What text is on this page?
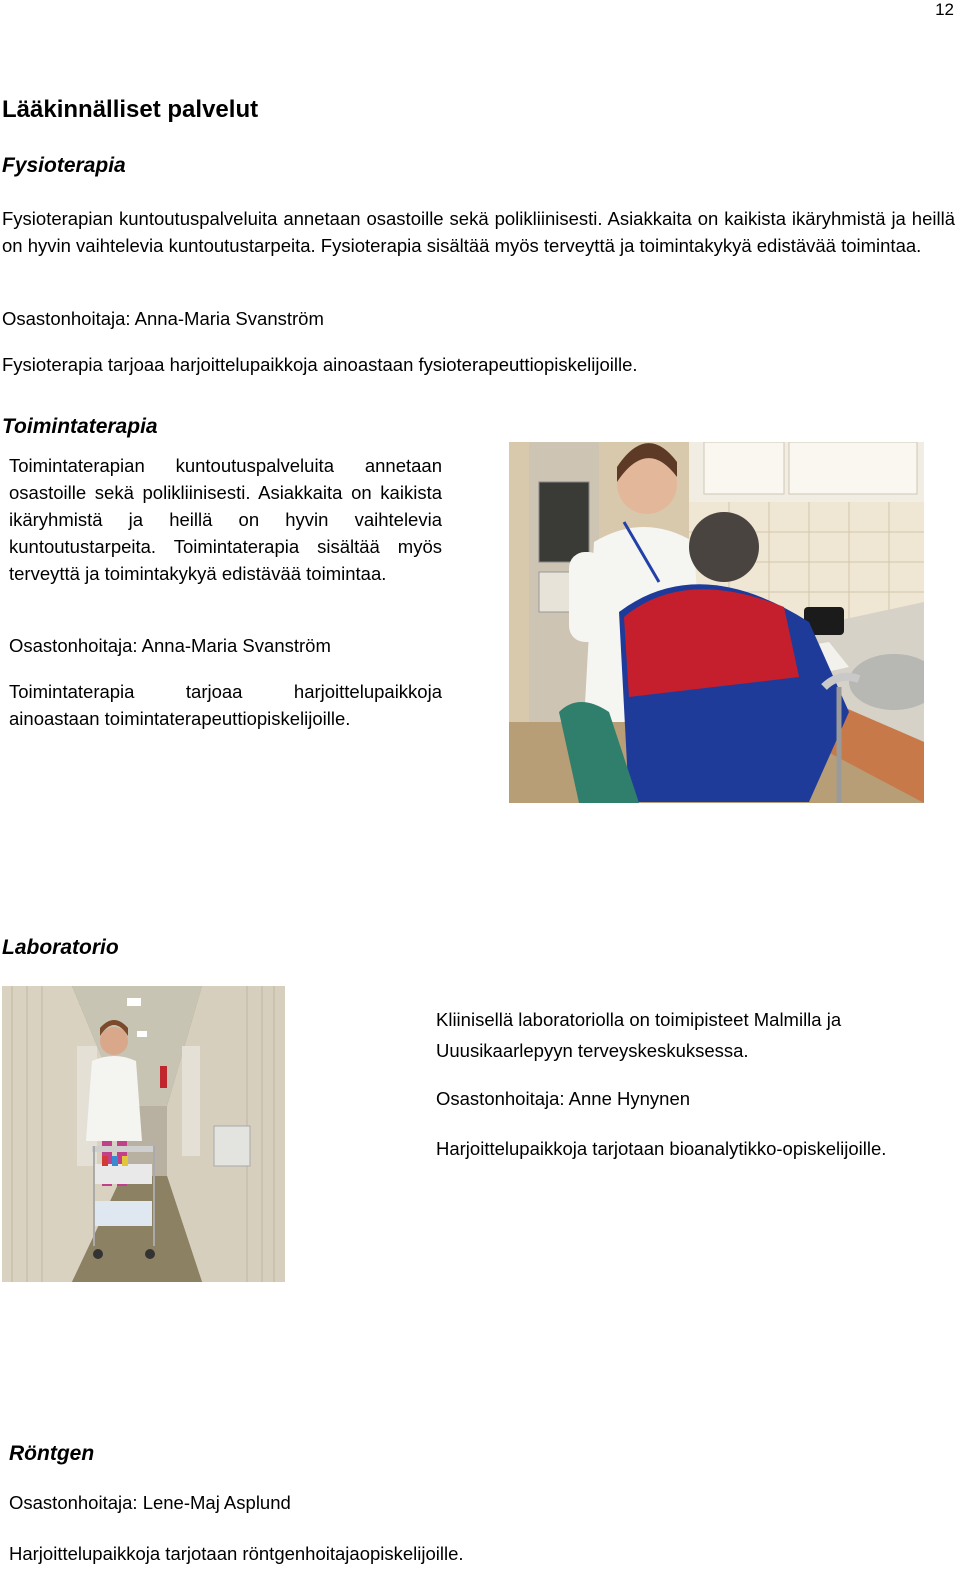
12
Lääkinnälliset palvelut
Fysioterapia

Fysioterapian kuntoutuspalveluita annetaan osastoille sekä polikliinisesti. Asiakkaita on kaikista ikäryhmistä ja heillä on hyvin vaihtelevia kuntoutustarpeita. Fysioterapia sisältää myös terveyttä ja toimintakykyä edistävää toimintaa.

Osastonhoitaja: Anna-Maria Svanström

Fysioterapia tarjoaa harjoittelupaikkoja ainoastaan fysioterapeuttiopiskelijoille.

Toimintaterapia

Toimintaterapian kuntoutuspalveluita annetaan osastoille sekä polikliinisesti. Asiakkaita on kaikista ikäryhmistä ja heillä on hyvin vaihtelevia kuntoutustarpeita. Toimintaterapia sisältää myös terveyttä ja toimintakykyä edistävää toimintaa.

Osastonhoitaja: Anna-Maria Svanström

Toimintaterapia tarjoaa harjoittelupaikkoja ainoastaan toimintaterapeuttiopiskelijoille.

Laboratorio

Kliinisellä laboratoriolla on toimipisteet Malmilla ja Uuusikaarlepyyn terveyskeskuksessa.

Osastonhoitaja: Anne Hynynen

Harjoittelupaikkoja tarjotaan bioanalytikko-opiskelijoille.

Röntgen

Osastonhoitaja: Lene-Maj Asplund

Harjoittelupaikkoja tarjotaan röntgenhoitajaopiskelijoille.
